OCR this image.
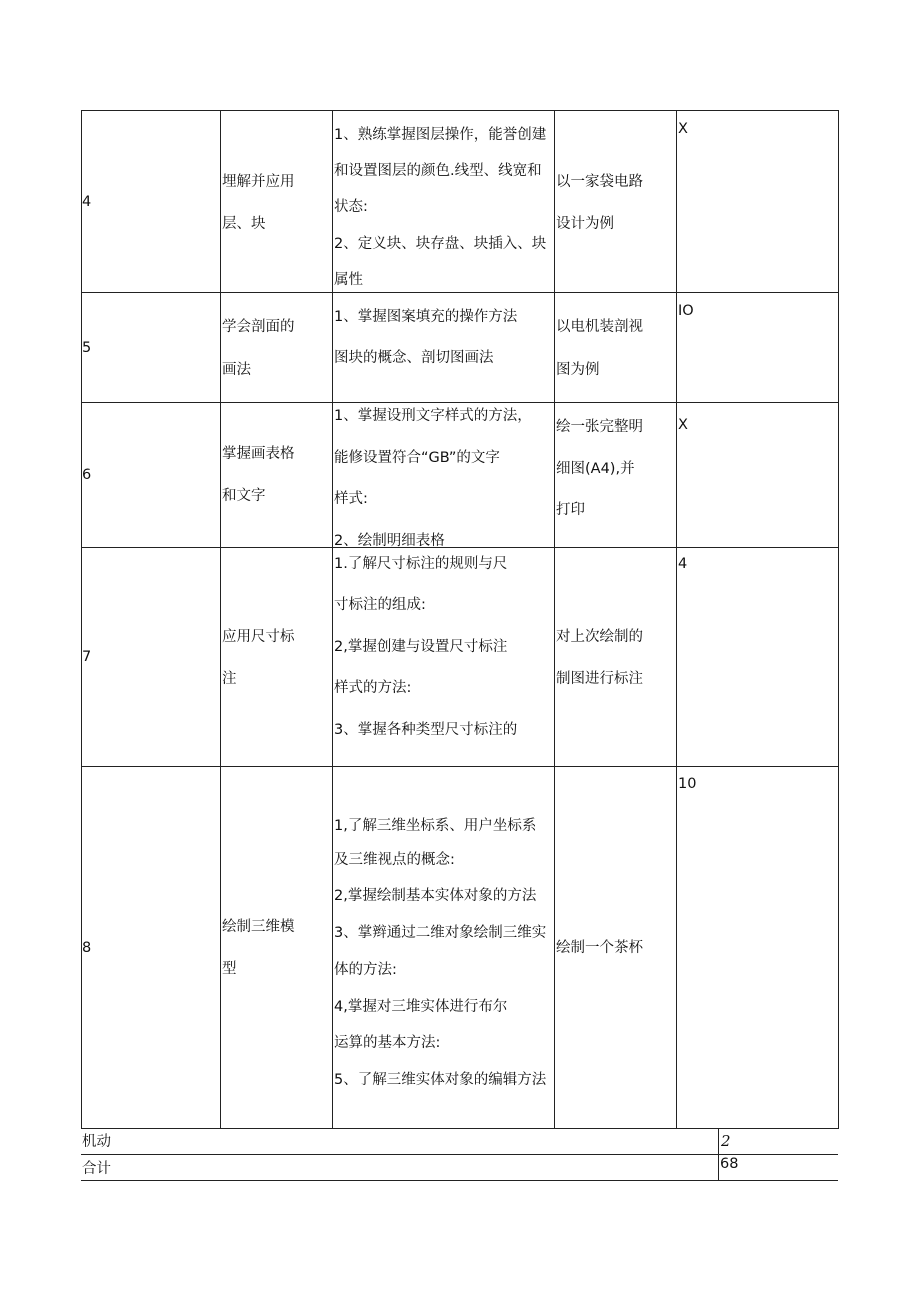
4
埋解并应用
层、块
1、熟练掌握图层操作，能誉创建
和设置图层的颜色.线型、线宽和
状态:
2、定义块、块存盘、块插入、块
属性
以一家袋电路
设计为例
X
5
学会剖面的
画法
1、掌握图案填充的操作方法
图块的概念、剖切图画法
以电机装剖视
图为例
IO
6
掌握画表格
和文字
1、掌握设刑文字样式的方法，
能修设置符合“GB”的文字
样式:
2、绘制明细表格
绘一张完整明
细图(A4),并
打印
X
7
应用尺寸标
注
1.了解尺寸标注的规则与尺
寸标注的组成:
2,掌握创建与设置尺寸标注
样式的方法:
3、掌握各种类型尺寸标注的
对上次绘制的
制图进行标注
4
8
绘制三维模
型
1,了解三维坐标系、用户坐标系
及三维视点的概念:
2,掌握绘制基本实体对象的方法
3、掌辫通过二维对象绘制三维实
体的方法:
4,掌握对三堆实体进行布尔
运算的基本方法:
5、了解三维实体对象的编辑方法
绘制一个茶杯
10
机动	2
合计	68
